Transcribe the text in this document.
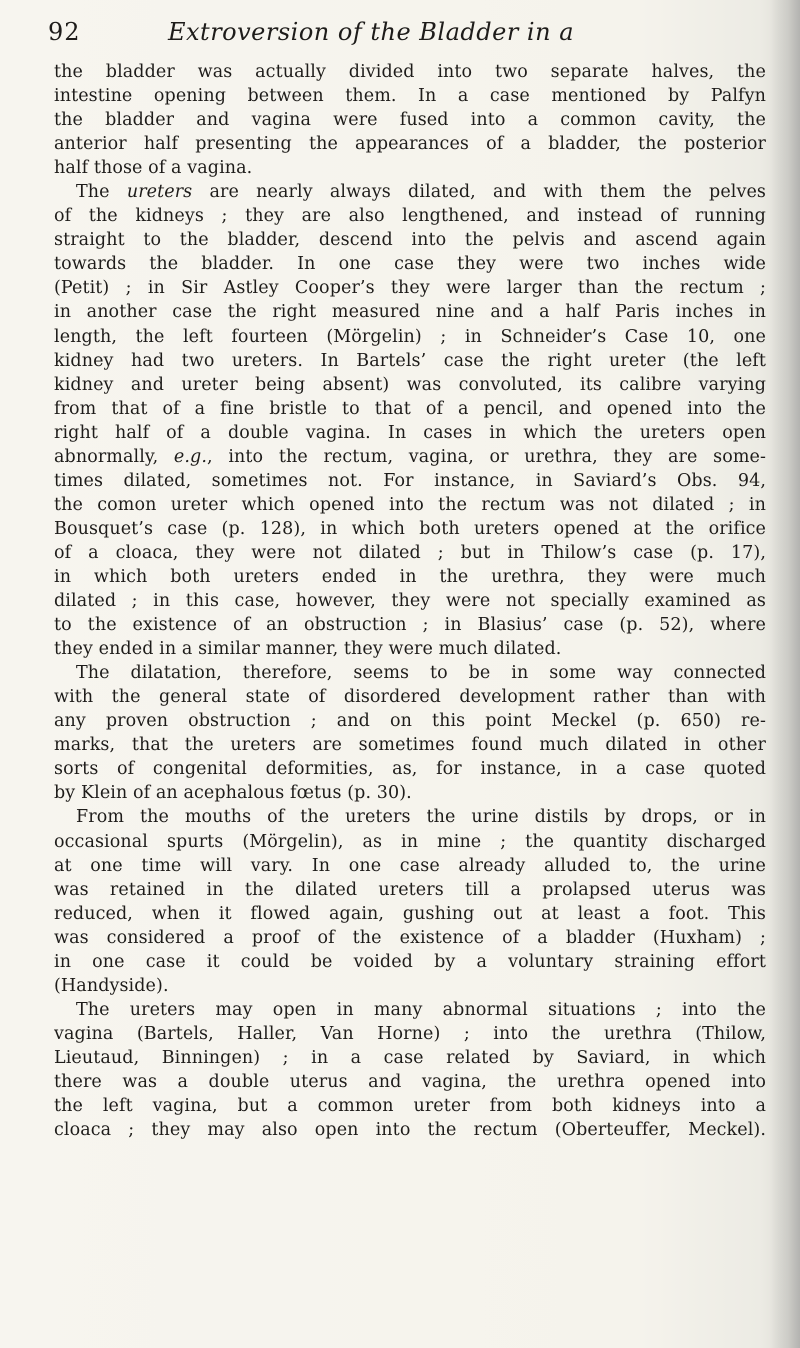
92	Extroversion of the Bladder in a
the bladder was actually divided into two separate halves, the
intestine opening between them. In a case mentioned by Palfyn
the bladder and vagina were fused into a common cavity, the
anterior half presenting the appearances of a bladder, the posterior
half those of a vagina.
The ureters are nearly always dilated, and with them the pelves
of the kidneys ; they are also lengthened, and instead of running
straight to the bladder, descend into the pelvis and ascend again
towards the bladder. In one case they were two inches wide
(Petit) ; in Sir Astley Cooper’s they were larger than the rectum ;
in another case the right measured nine and a half Paris inches in
length, the left fourteen (Mörgelin) ; in Schneider’s Case 10, one
kidney had two ureters. In Bartels’ case the right ureter (the left
kidney and ureter being absent) was convoluted, its calibre varying
from that of a fine bristle to that of a pencil, and opened into the
right half of a double vagina. In cases in which the ureters open
abnormally, e.g., into the rectum, vagina, or urethra, they are some-
times dilated, sometimes not. For instance, in Saviard’s Obs. 94,
the comon ureter which opened into the rectum was not dilated ; in
Bousquet’s case (p. 128), in which both ureters opened at the orifice
of a cloaca, they were not dilated ; but in Thilow’s case (p. 17),
in which both ureters ended in the urethra, they were much
dilated ; in this case, however, they were not specially examined as
to the existence of an obstruction ; in Blasius’ case (p. 52), where
they ended in a similar manner, they were much dilated.
The dilatation, therefore, seems to be in some way connected
with the general state of disordered development rather than with
any proven obstruction ; and on this point Meckel (p. 650) re-
marks, that the ureters are sometimes found much dilated in other
sorts of congenital deformities, as, for instance, in a case quoted
by Klein of an acephalous fœtus (p. 30).
From the mouths of the ureters the urine distils by drops, or in
occasional spurts (Mörgelin), as in mine ; the quantity discharged
at one time will vary. In one case already alluded to, the urine
was retained in the dilated ureters till a prolapsed uterus was
reduced, when it flowed again, gushing out at least a foot. This
was considered a proof of the existence of a bladder (Huxham) ;
in one case it could be voided by a voluntary straining effort
(Handyside).
The ureters may open in many abnormal situations ; into the
vagina (Bartels, Haller, Van Horne) ; into the urethra (Thilow,
Lieutaud, Binningen) ; in a case related by Saviard, in which
there was a double uterus and vagina, the urethra opened into
the left vagina, but a common ureter from both kidneys into a
cloaca ; they may also open into the rectum (Oberteuffer, Meckel).
